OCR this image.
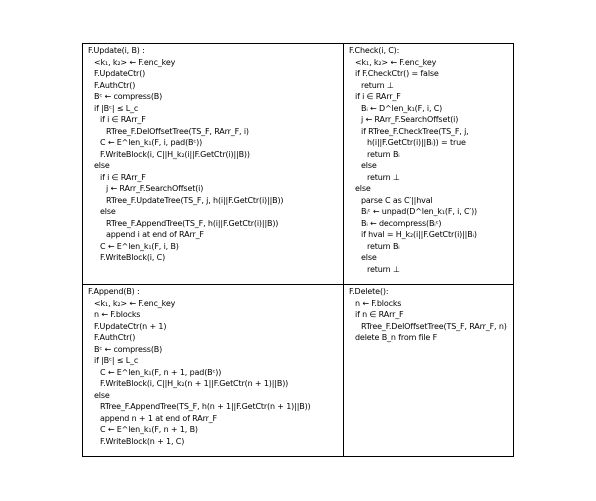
F.Update(i, B) :
<k₁, k₂> ← F.enc_key
F.UpdateCtr()
F.AuthCtr()
Bᶜ ← compress(B)
if |Bᶜ| ≤ L_c
if i ∈ RArr_F
RTree_F.DelOffsetTree(TS_F, RArr_F, i)
C ← E^len_k₁(F, i, pad(Bᶜ))
F.WriteBlock(i, C||H_k₂(i||F.GetCtr(i)||B))
else
if i ∈ RArr_F
j ← RArr_F.SearchOffset(i)
RTree_F.UpdateTree(TS_F, j, h(i||F.GetCtr(i)||B))
else
RTree_F.AppendTree(TS_F, h(i||F.GetCtr(i)||B))
append i at end of RArr_F
C ← E^len_k₁(F, i, B)
F.WriteBlock(i, C)
F.Check(i, C):
<k₁, k₂> ← F.enc_key
if F.CheckCtr() = false
return ⊥
if i ∈ RArr_F
Bᵢ ← D^len_k₁(F, i, C)
j ← RArr_F.SearchOffset(i)
if RTree_F.CheckTree(TS_F, j,
h(i||F.GetCtr(i)||Bᵢ)) = true
return Bᵢ
else
return ⊥
else
parse C as C′||hval
Bᵢᶜ ← unpad(D^len_k₁(F, i, C′))
Bᵢ ← decompress(Bᵢᶜ)
if hval = H_k₂(i||F.GetCtr(i)||Bᵢ)
return Bᵢ
else
return ⊥
F.Append(B) :
<k₁, k₂> ← F.enc_key
n ← F.blocks
F.UpdateCtr(n + 1)
F.AuthCtr()
Bᶜ ← compress(B)
if |Bᶜ| ≤ L_c
C ← E^len_k₁(F, n + 1, pad(Bᶜ))
F.WriteBlock(i, C||H_k₂(n + 1||F.GetCtr(n + 1)||B))
else
RTree_F.AppendTree(TS_F, h(n + 1||F.GetCtr(n + 1)||B))
append n + 1 at end of RArr_F
C ← E^len_k₁(F, n + 1, B)
F.WriteBlock(n + 1, C)
F.Delete():
n ← F.blocks
if n ∈ RArr_F
RTree_F.DelOffsetTree(TS_F, RArr_F, n)
delete B_n from file F
